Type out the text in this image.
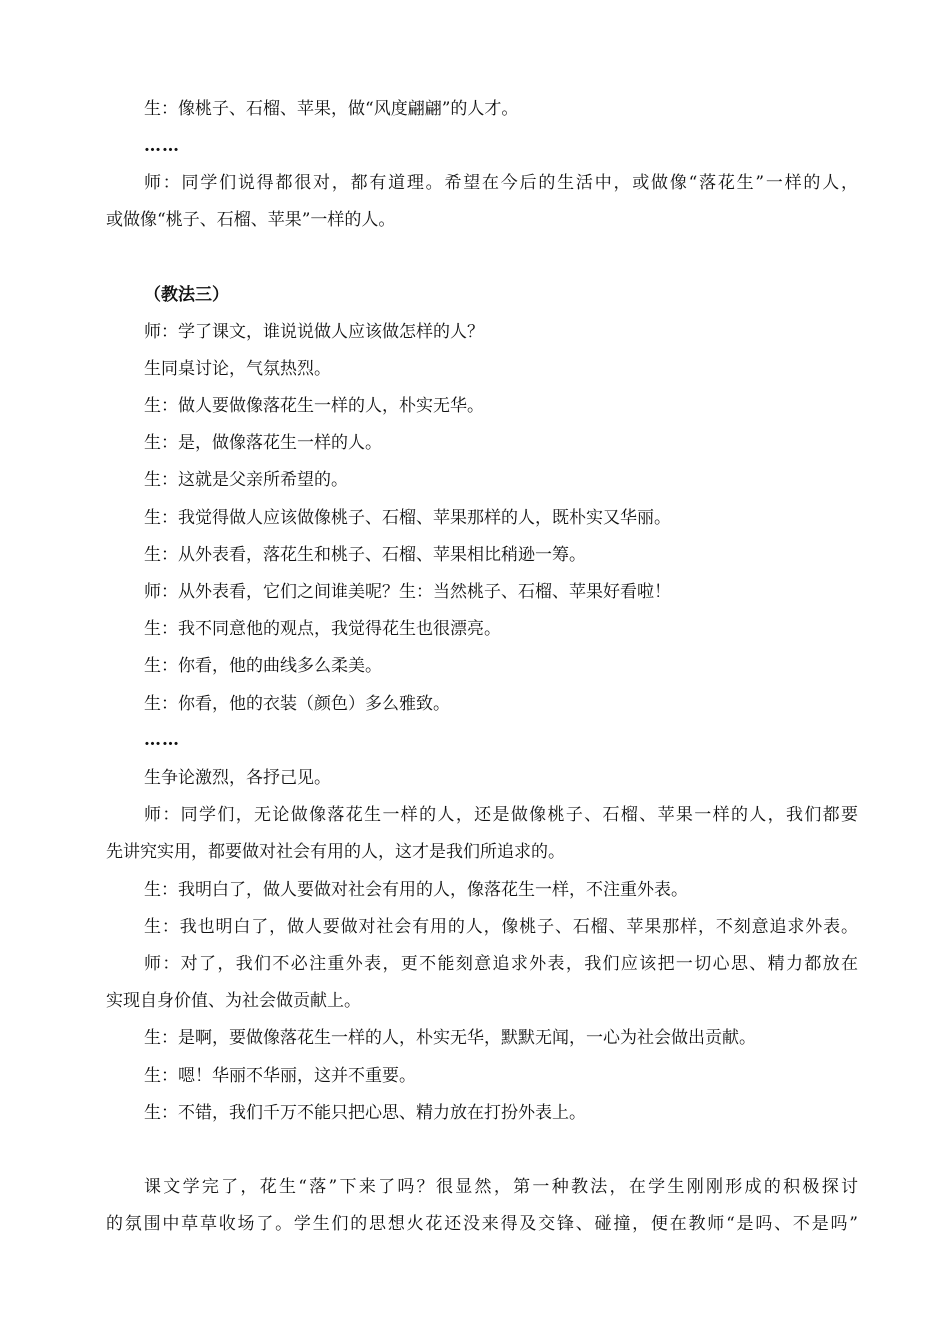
生：像桃子、石榴、苹果，做“风度翩翩”的人才。
……
师：同学们说得都很对，都有道理。希望在今后的生活中，或做像“落花生”一样的人，
或做像“桃子、石榴、苹果”一样的人。
（教法三）
师：学了课文，谁说说做人应该做怎样的人？
生同桌讨论，气氛热烈。
生：做人要做像落花生一样的人，朴实无华。
生：是，做像落花生一样的人。
生：这就是父亲所希望的。
生：我觉得做人应该做像桃子、石榴、苹果那样的人，既朴实又华丽。
生：从外表看，落花生和桃子、石榴、苹果相比稍逊一筹。
师：从外表看，它们之间谁美呢？生：当然桃子、石榴、苹果好看啦！
生：我不同意他的观点，我觉得花生也很漂亮。
生：你看，他的曲线多么柔美。
生：你看，他的衣装（颜色）多么雅致。
……
生争论激烈，各抒己见。
师：同学们，无论做像落花生一样的人，还是做像桃子、石榴、苹果一样的人，我们都要
先讲究实用，都要做对社会有用的人，这才是我们所追求的。
生：我明白了，做人要做对社会有用的人，像落花生一样，不注重外表。
生：我也明白了，做人要做对社会有用的人，像桃子、石榴、苹果那样，不刻意追求外表。
师：对了，我们不必注重外表，更不能刻意追求外表，我们应该把一切心思、精力都放在
实现自身价值、为社会做贡献上。
生：是啊，要做像落花生一样的人，朴实无华，默默无闻，一心为社会做出贡献。
生：嗯！华丽不华丽，这并不重要。
生：不错，我们千万不能只把心思、精力放在打扮外表上。
课文学完了，花生“落”下来了吗？很显然，第一种教法，在学生刚刚形成的积极探讨
的氛围中草草收场了。学生们的思想火花还没来得及交锋、碰撞，便在教师“是吗、不是吗”
